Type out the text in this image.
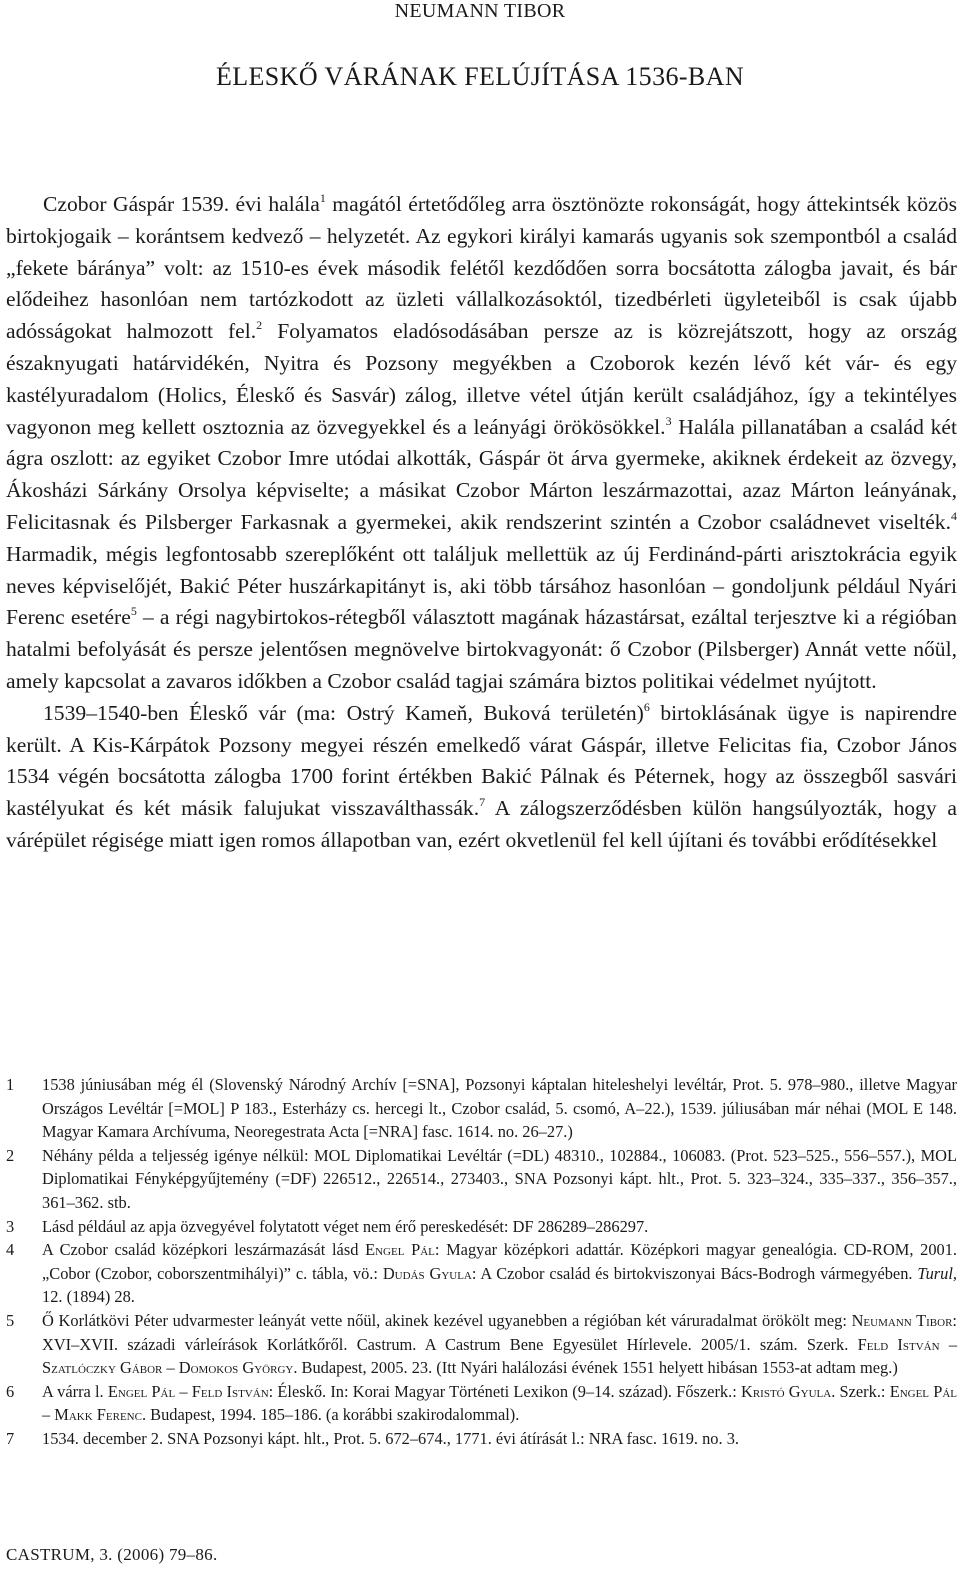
NEUMANN TIBOR
ÉLESKŐ VÁRÁNAK FELÚJÍTÁSA 1536-BAN

Czobor Gáspár 1539. évi halála$^1$ magától értetődőleg arra ösztönözte rokonságát, hogy áttekintsék közös birtokjogaik – korántsem kedvező – helyzetét. Az egykori királyi kamarás ugyanis sok szempontból a család „fekete báránya” volt: az 1510-es évek második felétől kezdődően sorra bocsátotta zálogba javait, és bár elődeihez hasonlóan nem tartózkodott az üzleti vállalkozásoktól, tizedbérleti ügyleteiből is csak újabb adósságokat halmozott fel.$^2$ Folyamatos eladósodásában persze az is közrejátszott, hogy az ország északnyugati határvidékén, Nyitra és Pozsony megyékben a Czoborok kezén lévő két vár- és egy kastélyuradalom (Holics, Éleskő és Sasvár) zálog, illetve vétel útján került családjához, így a tekintélyes vagyonon meg kellett osztoznia az özvegyekkel és a leányági örökösökkel.$^3$ Halála pillanatában a család két ágra oszlott: az egyiket Czobor Imre utódai alkották, Gáspár öt árva gyermeke, akiknek érdekeit az özvegy, Ákosházi Sárkány Orsolya képviselte; a másikat Czobor Márton leszármazottai, azaz Márton leányának, Felicitasnak és Pilsberger Farkasnak a gyermekei, akik rendszerint szintén a Czobor családnevet viselték.$^4$ Harmadik, mégis legfontosabb szereplőként ott találjuk mellettük az új Ferdinánd-párti arisztokrácia egyik neves képviselőjét, Bakić Péter huszárkapitányt is, aki több társához hasonlóan – gondoljunk például Nyári Ferenc esetére$^5$ – a régi nagybirtokos-rétegből választott magának házastársat, ezáltal terjesztve ki a régióban hatalmi befolyását és persze jelentősen megnövelve birtokvagyonát: ő Czobor (Pilsberger) Annát vette nőül, amely kapcsolat a zavaros időkben a Czobor család tagjai számára biztos politikai védelmet nyújtott.

1539–1540-ben Éleskő vár (ma: Ostrý Kameň, Buková területén)$^6$ birtoklásának ügye is napirendre került. A Kis-Kárpátok Pozsony megyei részén emelkedő várat Gáspár, illetve Felicitas fia, Czobor János 1534 végén bocsátotta zálogba 1700 forint értékben Bakić Pálnak és Péternek, hogy az összegből sasvári kastélyukat és két másik falujukat visszaválthassák.$^7$ A zálogszerződésben külön hangsúlyozták, hogy a várépület régisége miatt igen romos állapotban van, ezért okvetlenül fel kell újítani és további erődítésekkel

1	1538 júniusában még él (Slovenský Národný Archív [=SNA], Pozsonyi káptalan hiteleshelyi levéltár, Prot. 5. 978–980., illetve Magyar Országos Levéltár [=MOL] P 183., Esterházy cs. hercegi lt., Czobor család, 5. csomó, A–22.), 1539. júliusában már néhai (MOL E 148. Magyar Kamara Archívuma, Neoregestrata Acta [=NRA] fasc. 1614. no. 26–27.)
2	Néhány példa a teljesség igénye nélkül: MOL Diplomatikai Levéltár (=DL) 48310., 102884., 106083. (Prot. 523–525., 556–557.), MOL Diplomatikai Fényképgyűjtemény (=DF) 226512., 226514., 273403., SNA Pozsonyi kápt. hlt., Prot. 5. 323–324., 335–337., 356–357., 361–362. stb.
3	Lásd például az apja özvegyével folytatott véget nem érő pereskedését: DF 286289–286297.
4	A Czobor család középkori leszármazását lásd Engel Pál: Magyar középkori adattár. Középkori magyar genealógia. CD-ROM, 2001. „Cobor (Czobor, coborszentmihályi)” c. tábla, vö.: Dudás Gyula: A Czobor család és birtokviszonyai Bács-Bodrogh vármegyében. Turul, 12. (1894) 28.
5	Ő Korlátkövi Péter udvarmester leányát vette nőül, akinek kezével ugyanebben a régióban két váruradalmat örökölt meg: Neumann Tibor: XVI–XVII. századi várleírások Korlátkőről. Castrum. A Castrum Bene Egyesület Hírlevele. 2005/1. szám. Szerk. Feld István – Szatlóczky Gábor – Domokos György. Budapest, 2005. 23. (Itt Nyári halálozási évének 1551 helyett hibásan 1553-at adtam meg.)
6	A várra l. Engel Pál – Feld István: Éleskő. In: Korai Magyar Történeti Lexikon (9–14. század). Főszerk.: Kristó Gyula. Szerk.: Engel Pál – Makk Ferenc. Budapest, 1994. 185–186. (a korábbi szakirodalommal).
7	1534. december 2. SNA Pozsonyi kápt. hlt., Prot. 5. 672–674., 1771. évi átírását l.: NRA fasc. 1619. no. 3.
CASTRUM, 3. (2006) 79–86.
